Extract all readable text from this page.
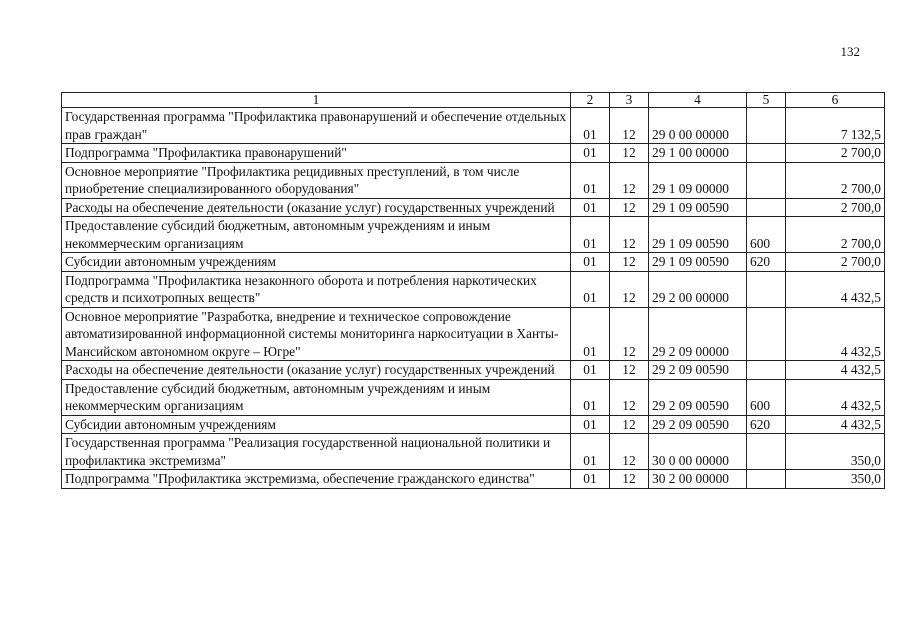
132
1	2	3	4	5	6
Государственная программа "Профилактика правонарушений и обеспечение отдельных прав граждан"	01	12	29 0 00 00000		7 132,5
Подпрограмма "Профилактика правонарушений"	01	12	29 1 00 00000		2 700,0
Основное мероприятие "Профилактика рецидивных преступлений, в том числе приобретение специализированного оборудования"	01	12	29 1 09 00000		2 700,0
Расходы на обеспечение деятельности (оказание услуг) государственных учреждений	01	12	29 1 09 00590		2 700,0
Предоставление субсидий бюджетным, автономным учреждениям и иным некоммерческим организациям	01	12	29 1 09 00590	600	2 700,0
Субсидии автономным учреждениям	01	12	29 1 09 00590	620	2 700,0
Подпрограмма "Профилактика незаконного оборота и потребления наркотических средств и психотропных веществ"	01	12	29 2 00 00000		4 432,5
Основное мероприятие "Разработка, внедрение и техническое сопровождение автоматизированной информационной системы мониторинга наркоситуации в Ханты-Мансийском автономном округе – Югре"	01	12	29 2 09 00000		4 432,5
Расходы на обеспечение деятельности (оказание услуг) государственных учреждений	01	12	29 2 09 00590		4 432,5
Предоставление субсидий бюджетным, автономным учреждениям и иным некоммерческим организациям	01	12	29 2 09 00590	600	4 432,5
Субсидии автономным учреждениям	01	12	29 2 09 00590	620	4 432,5
Государственная программа "Реализация государственной национальной политики и профилактика экстремизма"	01	12	30 0 00 00000		350,0
Подпрограмма "Профилактика экстремизма, обеспечение гражданского единства"	01	12	30 2 00 00000		350,0
